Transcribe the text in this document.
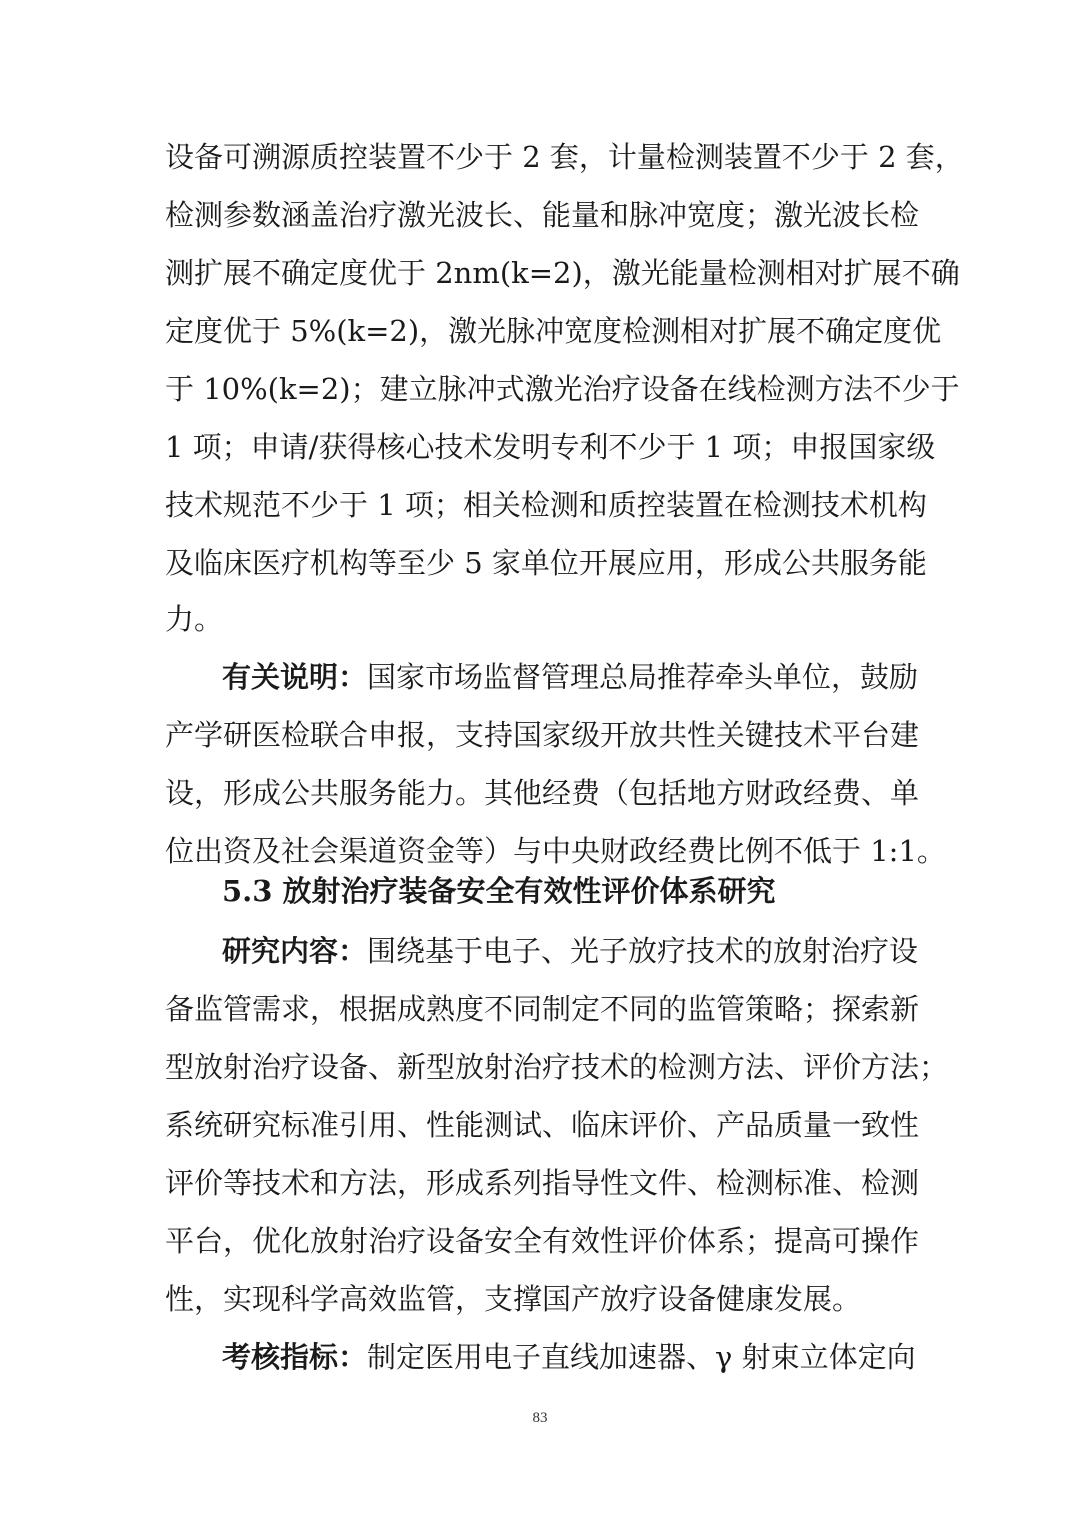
设备可溯源质控装置不少于 2 套，计量检测装置不少于 2 套，
检测参数涵盖治疗激光波长、能量和脉冲宽度；激光波长检
测扩展不确定度优于 2nm(k=2)，激光能量检测相对扩展不确
定度优于 5%(k=2)，激光脉冲宽度检测相对扩展不确定度优
于 10%(k=2)；建立脉冲式激光治疗设备在线检测方法不少于
1 项；申请/获得核心技术发明专利不少于 1 项；申报国家级
技术规范不少于 1 项；相关检测和质控装置在检测技术机构
及临床医疗机构等至少 5 家单位开展应用，形成公共服务能
力。
有关说明：国家市场监督管理总局推荐牵头单位，鼓励
产学研医检联合申报，支持国家级开放共性关键技术平台建
设，形成公共服务能力。其他经费（包括地方财政经费、单
位出资及社会渠道资金等）与中央财政经费比例不低于 1:1。
5.3 放射治疗装备安全有效性评价体系研究
研究内容：围绕基于电子、光子放疗技术的放射治疗设
备监管需求，根据成熟度不同制定不同的监管策略；探索新
型放射治疗设备、新型放射治疗技术的检测方法、评价方法；
系统研究标准引用、性能测试、临床评价、产品质量一致性
评价等技术和方法，形成系列指导性文件、检测标准、检测
平台，优化放射治疗设备安全有效性评价体系；提高可操作
性，实现科学高效监管，支撑国产放疗设备健康发展。
考核指标：制定医用电子直线加速器、γ 射束立体定向
83
